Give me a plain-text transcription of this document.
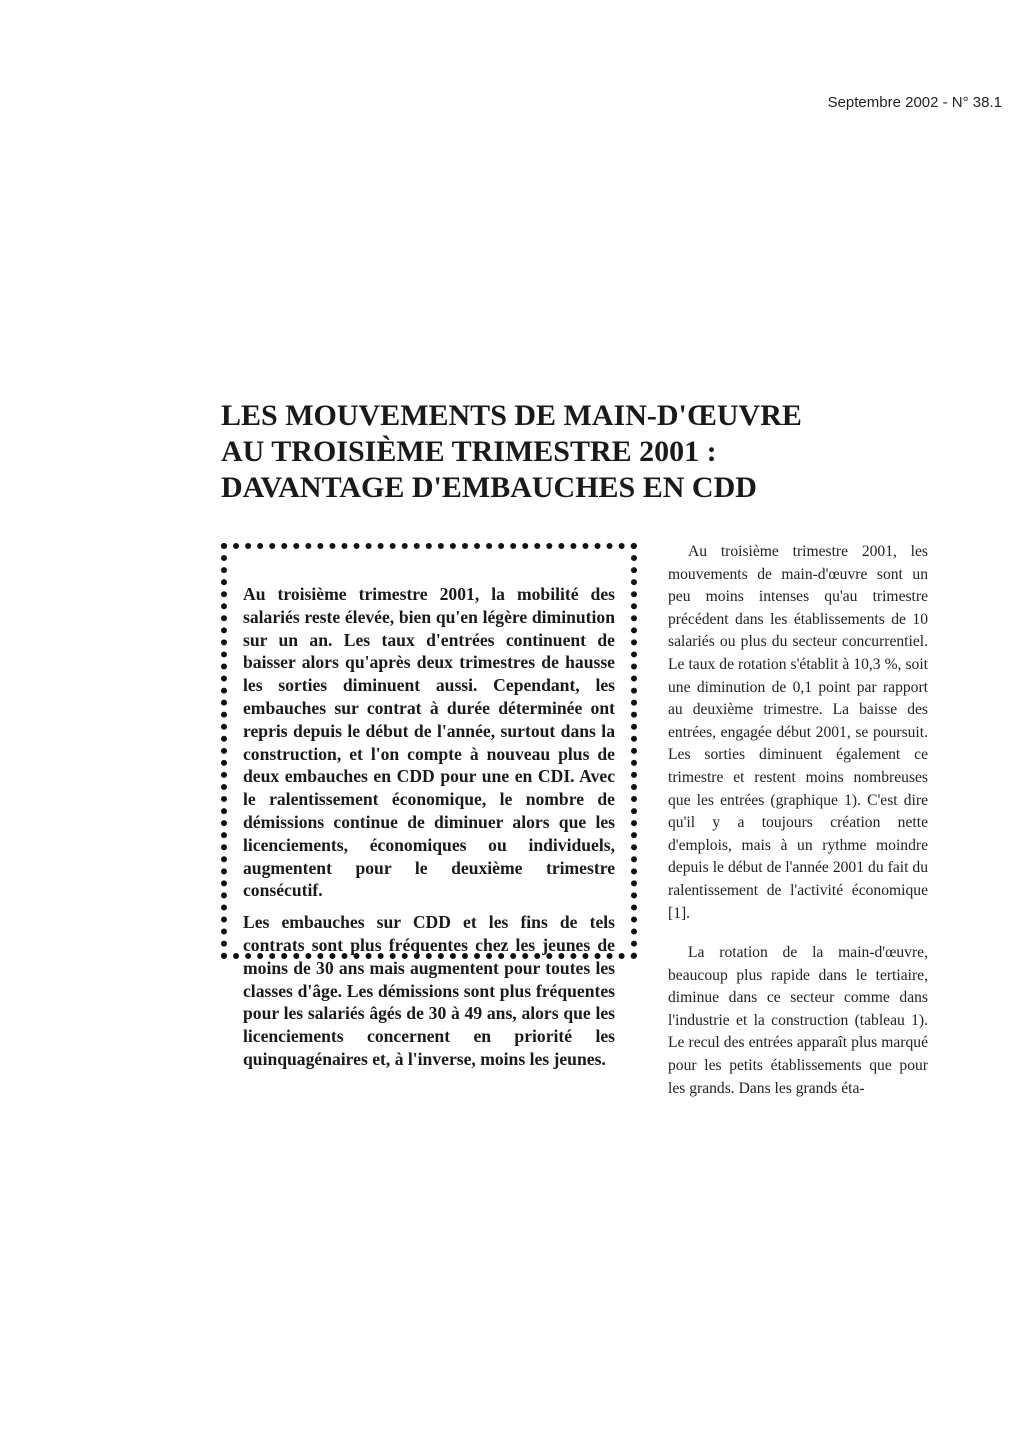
Septembre 2002 - N° 38.1
LES MOUVEMENTS DE MAIN-D'ŒUVRE
AU TROISIÈME TRIMESTRE 2001 :
DAVANTAGE D'EMBAUCHES EN CDD

Au troisième trimestre 2001, la mobilité des salariés reste élevée, bien qu'en légère diminution sur un an. Les taux d'entrées continuent de baisser alors qu'après deux trimestres de hausse les sorties diminuent aussi. Cependant, les embauches sur contrat à durée déterminée ont repris depuis le début de l'année, surtout dans la construction, et l'on compte à nouveau plus de deux embauches en CDD pour une en CDI. Avec le ralentissement économique, le nombre de démissions continue de diminuer alors que les licenciements, économiques ou individuels, augmentent pour le deuxième trimestre consécutif.

Les embauches sur CDD et les fins de tels contrats sont plus fréquentes chez les jeunes de moins de 30 ans mais augmentent pour toutes les classes d'âge. Les démissions sont plus fréquentes pour les salariés âgés de 30 à 49 ans, alors que les licenciements concernent en priorité les quinquagénaires et, à l'inverse, moins les jeunes.

Au troisième trimestre 2001, les mouvements de main-d'œuvre sont un peu moins intenses qu'au trimestre précédent dans les établissements de 10 salariés ou plus du secteur concurrentiel. Le taux de rotation s'établit à 10,3 %, soit une diminution de 0,1 point par rapport au deuxième trimestre. La baisse des entrées, engagée début 2001, se poursuit. Les sorties diminuent également ce trimestre et restent moins nombreuses que les entrées (graphique 1). C'est dire qu'il y a toujours création nette d'emplois, mais à un rythme moindre depuis le début de l'année 2001 du fait du ralentissement de l'activité économique [1].

La rotation de la main-d'œuvre, beaucoup plus rapide dans le tertiaire, diminue dans ce secteur comme dans l'industrie et la construction (tableau 1). Le recul des entrées apparaît plus marqué pour les petits établissements que pour les grands. Dans les grands éta-
